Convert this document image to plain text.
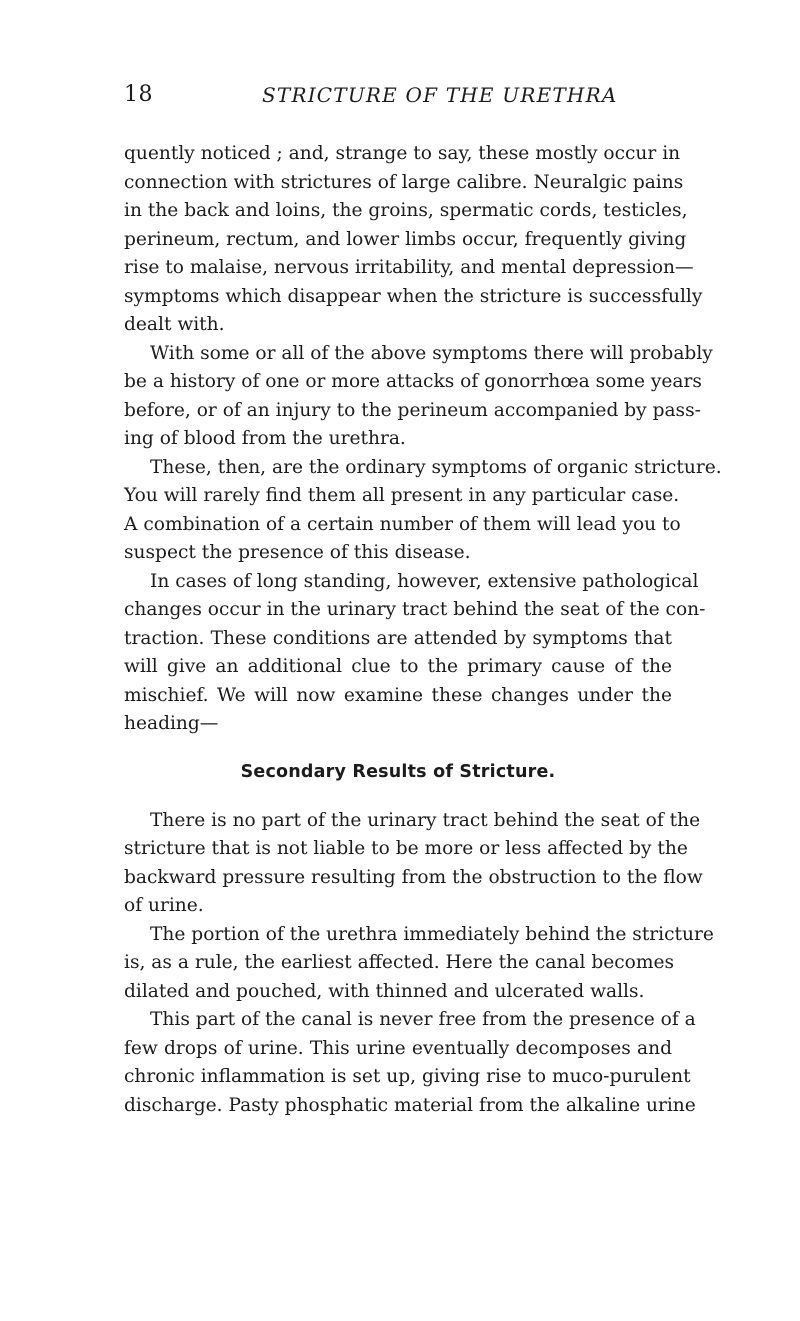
18	STRICTURE OF THE URETHRA
quently noticed ; and, strange to say, these mostly occur in
connection with strictures of large calibre. Neuralgic pains
in the back and loins, the groins, spermatic cords, testicles,
perineum, rectum, and lower limbs occur, frequently giving
rise to malaise, nervous irritability, and mental depression—
symptoms which disappear when the stricture is successfully
dealt with.
With some or all of the above symptoms there will probably
be a history of one or more attacks of gonorrhœa some years
before, or of an injury to the perineum accompanied by pass-
ing of blood from the urethra.
These, then, are the ordinary symptoms of organic stricture.
You will rarely find them all present in any particular case.
A combination of a certain number of them will lead you to
suspect the presence of this disease.
In cases of long standing, however, extensive pathological
changes occur in the urinary tract behind the seat of the con-
traction. These conditions are attended by symptoms that
will give an additional clue to the primary cause of the
mischief. We will now examine these changes under the
heading—
Secondary Results of Stricture.
There is no part of the urinary tract behind the seat of the
stricture that is not liable to be more or less affected by the
backward pressure resulting from the obstruction to the flow
of urine.
The portion of the urethra immediately behind the stricture
is, as a rule, the earliest affected. Here the canal becomes
dilated and pouched, with thinned and ulcerated walls.
This part of the canal is never free from the presence of a
few drops of urine. This urine eventually decomposes and
chronic inflammation is set up, giving rise to muco-purulent
discharge. Pasty phosphatic material from the alkaline urine
